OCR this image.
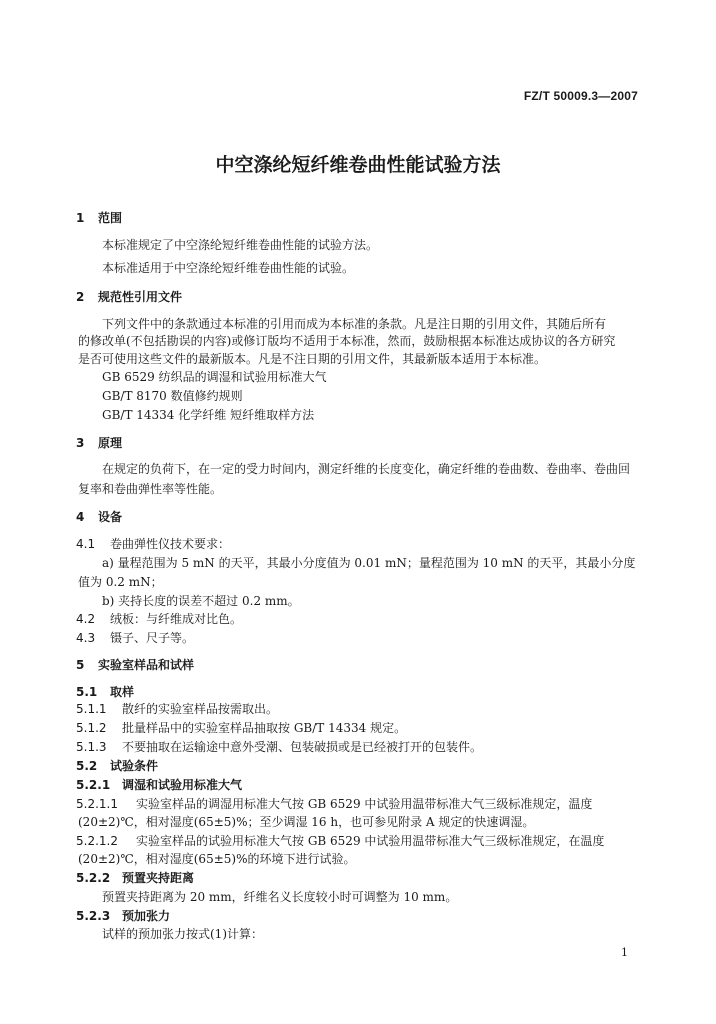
FZ/T 50009.3—2007
中空涤纶短纤维卷曲性能试验方法
1 范围
本标准规定了中空涤纶短纤维卷曲性能的试验方法。
本标准适用于中空涤纶短纤维卷曲性能的试验。
2 规范性引用文件
下列文件中的条款通过本标准的引用而成为本标准的条款。凡是注日期的引用文件，其随后所有
的修改单(不包括勘误的内容)或修订版均不适用于本标准，然而，鼓励根据本标准达成协议的各方研究
是否可使用这些文件的最新版本。凡是不注日期的引用文件，其最新版本适用于本标准。
GB 6529 纺织品的调湿和试验用标准大气
GB/T 8170 数值修约规则
GB/T 14334 化学纤维 短纤维取样方法
3 原理
在规定的负荷下，在一定的受力时间内，测定纤维的长度变化，确定纤维的卷曲数、卷曲率、卷曲回
复率和卷曲弹性率等性能。
4 设备
4.1 卷曲弹性仪技术要求：
a) 量程范围为 5 mN 的天平，其最小分度值为 0.01 mN；量程范围为 10 mN 的天平，其最小分度
值为 0.2 mN；
b) 夹持长度的误差不超过 0.2 mm。
4.2 绒板：与纤维成对比色。
4.3 镊子、尺子等。
5 实验室样品和试样
5.1 取样
5.1.1 散纤的实验室样品按需取出。
5.1.2 批量样品中的实验室样品抽取按 GB/T 14334 规定。
5.1.3 不要抽取在运输途中意外受潮、包装破损或是已经被打开的包装件。
5.2 试验条件
5.2.1 调湿和试验用标准大气
5.2.1.1 实验室样品的调湿用标准大气按 GB 6529 中试验用温带标准大气三级标准规定，温度
(20±2)℃，相对湿度(65±5)%；至少调湿 16 h，也可参见附录 A 规定的快速调湿。
5.2.1.2 实验室样品的试验用标准大气按 GB 6529 中试验用温带标准大气三级标准规定，在温度
(20±2)℃，相对湿度(65±5)%的环境下进行试验。
5.2.2 预置夹持距离
预置夹持距离为 20 mm，纤维名义长度较小时可调整为 10 mm。
5.2.3 预加张力
试样的预加张力按式(1)计算：
1
